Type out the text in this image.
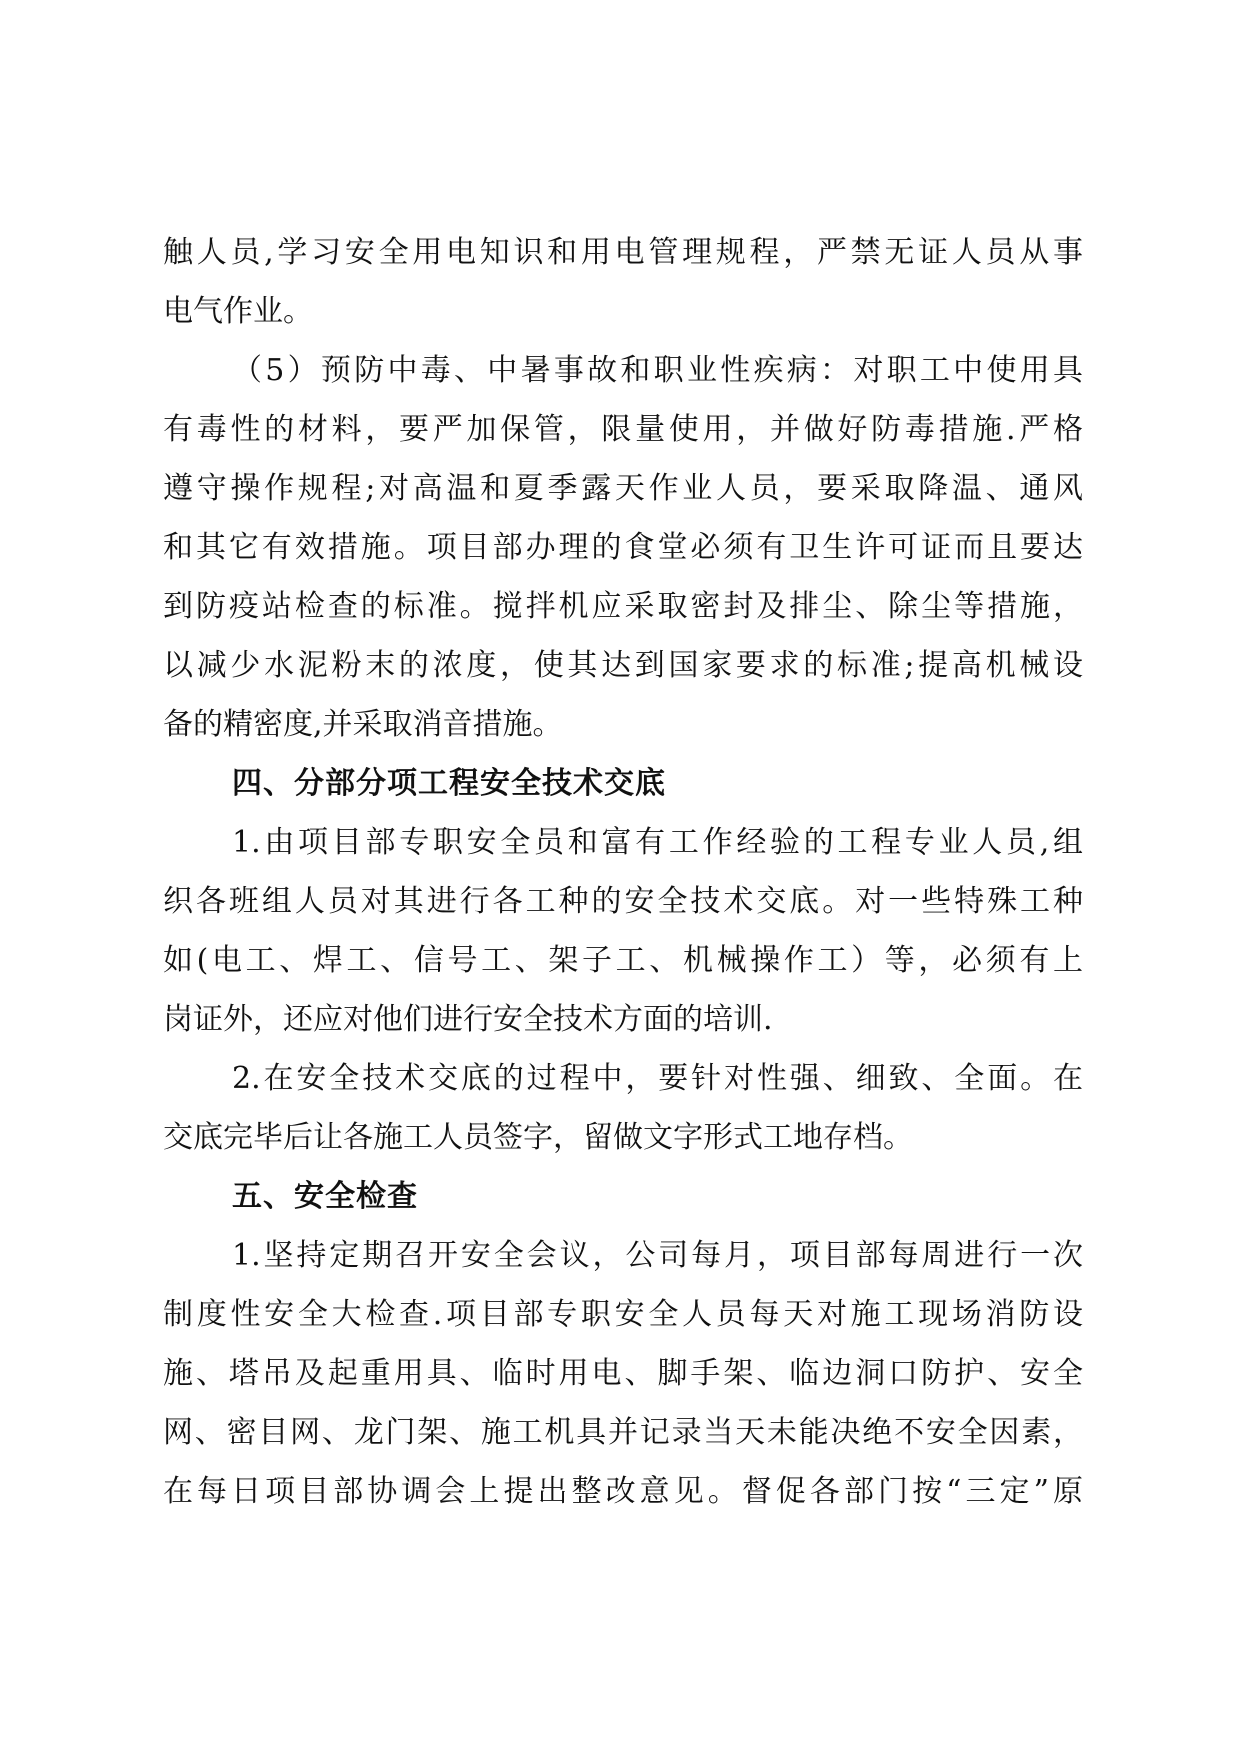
触人员,学习安全用电知识和用电管理规程，严禁无证人员从事
电气作业。
（5）预防中毒、中暑事故和职业性疾病：对职工中使用具
有毒性的材料，要严加保管，限量使用，并做好防毒措施.严格
遵守操作规程;对高温和夏季露天作业人员，要采取降温、通风
和其它有效措施。项目部办理的食堂必须有卫生许可证而且要达
到防疫站检查的标准。搅拌机应采取密封及排尘、除尘等措施，
以减少水泥粉末的浓度，使其达到国家要求的标准;提高机械设
备的精密度,并采取消音措施。
四、分部分项工程安全技术交底
1.由项目部专职安全员和富有工作经验的工程专业人员,组
织各班组人员对其进行各工种的安全技术交底。对一些特殊工种
如(电工、焊工、信号工、架子工、机械操作工）等，必须有上
岗证外，还应对他们进行安全技术方面的培训.
2.在安全技术交底的过程中，要针对性强、细致、全面。在
交底完毕后让各施工人员签字，留做文字形式工地存档。
五、安全检查
1.坚持定期召开安全会议，公司每月，项目部每周进行一次
制度性安全大检查.项目部专职安全人员每天对施工现场消防设
施、塔吊及起重用具、临时用电、脚手架、临边洞口防护、安全
网、密目网、龙门架、施工机具并记录当天未能决绝不安全因素，
在每日项目部协调会上提出整改意见。督促各部门按“三定”原
